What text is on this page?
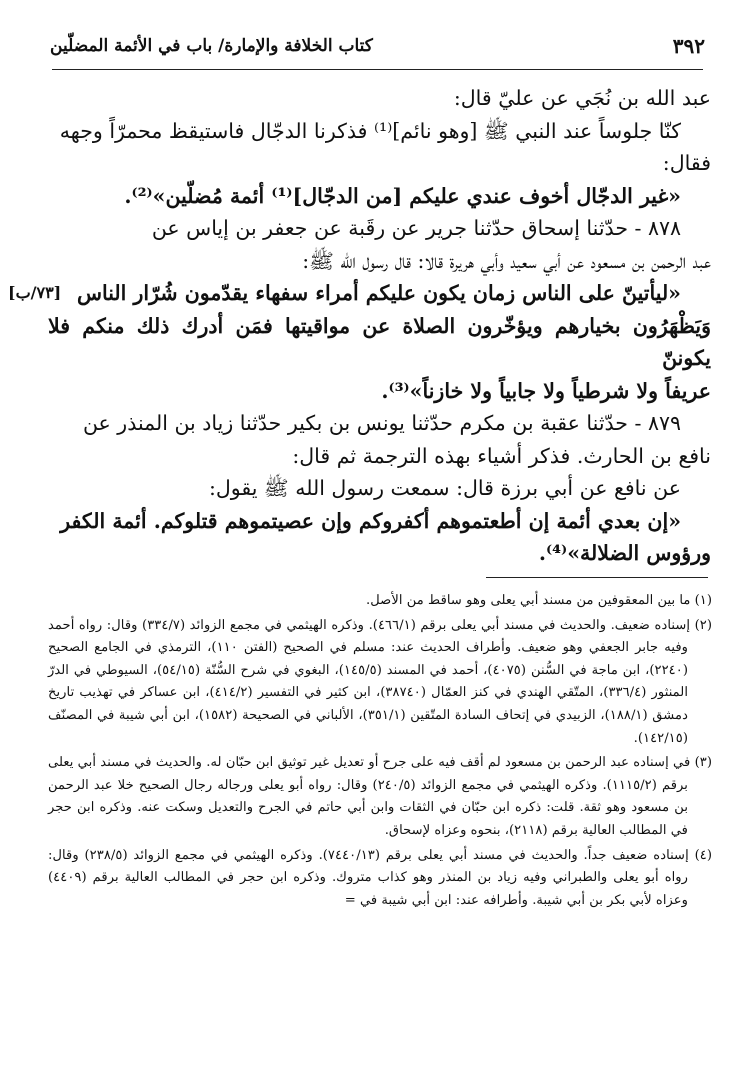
٣٩٢
كتاب الخلافة والإمارة/ باب في الأئمة المضلّين

عبد الله بن نُجَي عن عليّ قال:

كنّا جلوساً عند النبي ﷺ [وهو نائم]⁽¹⁾ فذكرنا الدجّال فاستيقظ محمرّاً وجهه

فقال:

«غير الدجّال أخوف عندي عليكم [من الدجّال]⁽¹⁾ أئمة مُضلّين»⁽²⁾.

٨٧٨ - حدّثنا إسحاق حدّثنا جرير عن رقَبة عن جعفر بن إياس عن

عبد الرحمن بن مسعود عن أبي سعيد وأبي هريرة قالا: قال رسول الله ﷺ:

«ليأتينّ على الناس زمان يكون عليكم أمراء سفهاء يقدّمون شُرّار الناس
[٧٣/ب]

وَيَظْهَرُون بخيارهم ويؤخّرون الصلاة عن مواقيتها فمَن أدرك ذلك منكم فلا يكوننّ

عريفاً ولا شرطياً ولا جابياً ولا خازناً»⁽³⁾.

٨٧٩ - حدّثنا عقبة بن مكرم حدّثنا يونس بن بكير حدّثنا زياد بن المنذر عن

نافع بن الحارث. فذكر أشياء بهذه الترجمة ثم قال:

عن نافع عن أبي برزة قال: سمعت رسول الله ﷺ يقول:

«إن بعدي أئمة إن أطعتموهم أكفروكم وإن عصيتموهم قتلوكم. أئمة الكفر

ورؤوس الضلالة»⁽⁴⁾.

(١) ما بين المعقوفين من مسند أبي يعلى وهو ساقط من الأصل.

(٢) إسناده ضعيف. والحديث في مسند أبي يعلى برقم (٤٦٦/١). وذكره الهيثمي في مجمع الزوائد (٣٣٤/٧) وقال: رواه أحمد وفيه جابر الجعفي وهو ضعيف. وأطراف الحديث عند: مسلم في الصحيح (الفتن ١١٠)، الترمذي في الجامع الصحيح (٢٢٤٠)، ابن ماجة في السُّنن (٤٠٧٥)، أحمد في المسند (١٤٥/٥)، البغوي في شرح السُّنّة (٥٤/١٥)، السيوطي في الدرّ المنثور (٣٣٦/٤)، المتّقي الهندي في كنز العمّال (٣٨٧٤٠)، ابن كثير في التفسير (٤١٤/٢)، ابن عساكر في تهذيب تاريخ دمشق (١٨٨/١)، الزبيدي في إتحاف السادة المتّقين (٣٥١/١)، الألباني في الصحيحة (١٥٨٢)، ابن أبي شيبة في المصنّف (١٤٢/١٥).

(٣) في إسناده عبد الرحمن بن مسعود لم أقف فيه على جرح أو تعديل غير توثيق ابن حبّان له. والحديث في مسند أبي يعلى برقم (١١١٥/٢). وذكره الهيثمي في مجمع الزوائد (٢٤٠/٥) وقال: رواه أبو يعلى ورجاله رجال الصحيح خلا عبد الرحمن بن مسعود وهو ثقة. قلت: ذكره ابن حبّان في الثقات وابن أبي حاتم في الجرح والتعديل وسكت عنه. وذكره ابن حجر في المطالب العالية برقم (٢١١٨)، بنحوه وعزاه لإسحاق.

(٤) إسناده ضعيف جداً. والحديث في مسند أبي يعلى برقم (٧٤٤٠/١٣). وذكره الهيثمي في مجمع الزوائد (٢٣٨/٥) وقال: رواه أبو يعلى والطبراني وفيه زياد بن المنذر وهو كذاب متروك. وذكره ابن حجر في المطالب العالية برقم (٤٤٠٩) وعزاه لأبي بكر بن أبي شيبة. وأطرافه عند: ابن أبي شيبة في =
